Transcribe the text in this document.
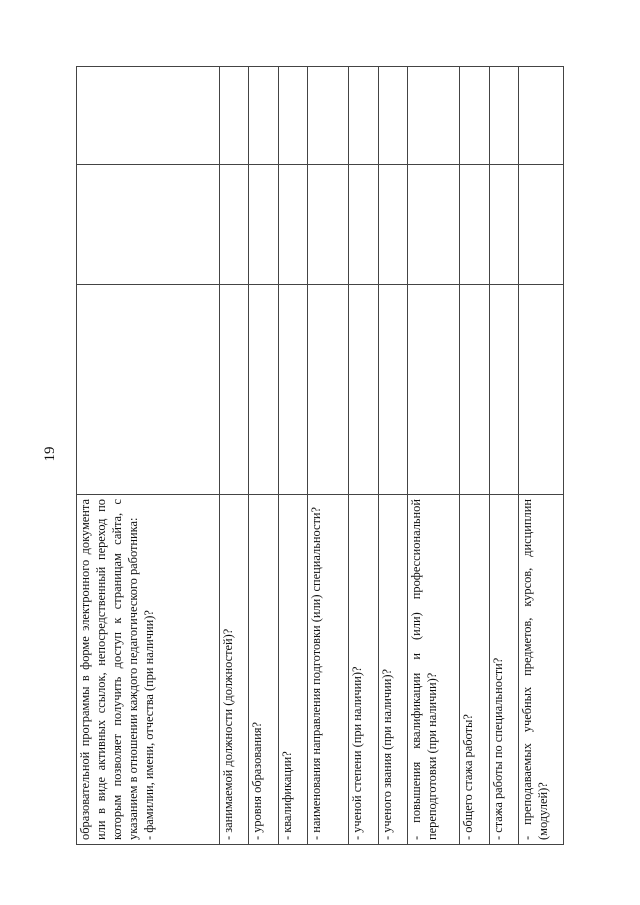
19
образовательной программы в форме электронного документа или в виде активных ссылок, непосредственный переход по которым позволяет получить доступ к страницам сайта, с указанием в отношении каждого педагогического работника: - фамилии, имени, отчества (при наличии)?			
- занимаемой должности (должностей)?			
- уровня образования?			
- квалификации?			
- наименования направления подготовки (или) специальности?			
- ученой степени (при наличии)?			
- ученого звания (при наличии)?			
- повышения квалификации и (или) профессиональной переподготовки (при наличии)?			
- общего стажа работы?			
- стажа работы по специальности?			
- преподаваемых учебных предметов, курсов, дисциплин (модулей)?			
